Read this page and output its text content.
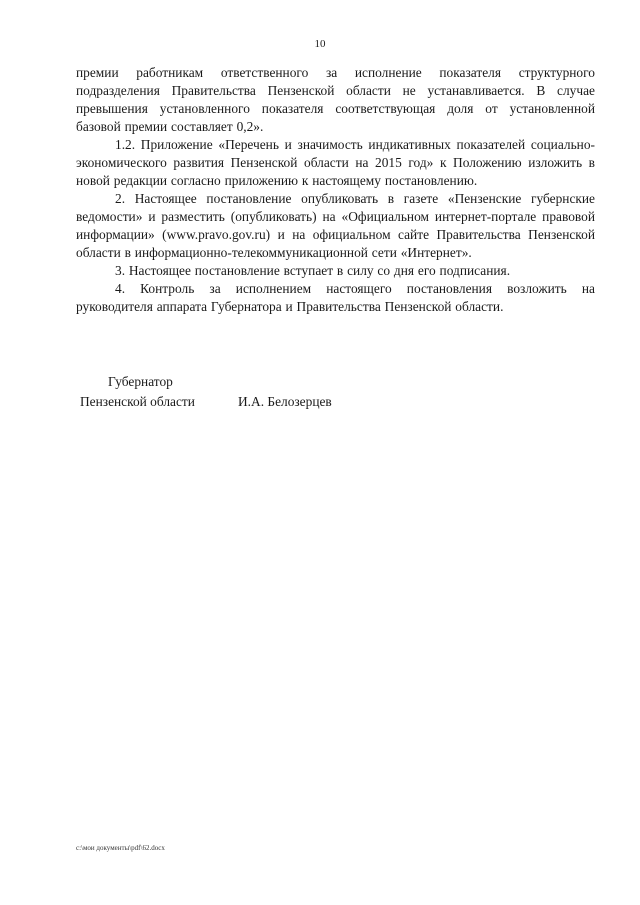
10

премии работникам ответственного за исполнение показателя структурного подразделения Правительства Пензенской области не устанавливается. В случае превышения установленного показателя соответствующая доля от установленной базовой премии составляет 0,2».

1.2. Приложение «Перечень и значимость индикативных показателей социально-экономического развития Пензенской области на 2015 год» к Положению изложить в новой редакции согласно приложению к настоящему постановлению.

2. Настоящее постановление опубликовать в газете «Пензенские губернские ведомости» и разместить (опубликовать) на «Официальном интернет-портале правовой информации» (www.pravo.gov.ru) и на официальном сайте Правительства Пензенской области в информационно-телекоммуникационной сети «Интернет».

3. Настоящее постановление вступает в силу со дня его подписания.

4. Контроль за исполнением настоящего постановления возложить на руководителя аппарата Губернатора и Правительства Пензенской области.

Губернатор
Пензенской области	И.А. Белозерцев
c:\мои документы\pdf\62.docx
